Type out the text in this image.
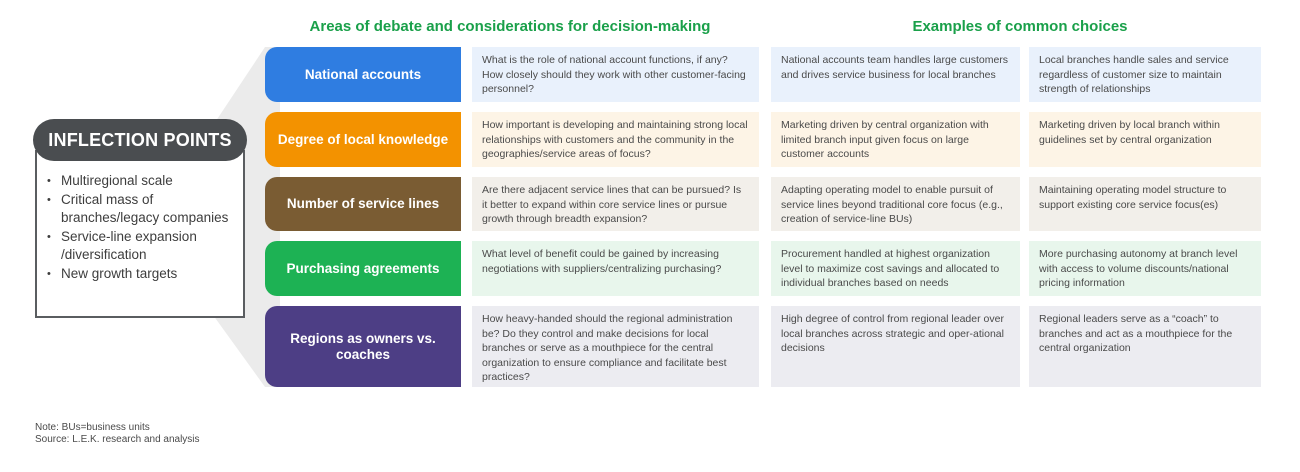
Areas of debate and considerations for decision-making	Examples of common choices
INFLECTION POINTS
• Multiregional scale
• Critical mass of branches/legacy companies
• Service-line expansion /diversification
• New growth targets
National accounts
What is the role of national account functions, if any? How closely should they work with other customer-facing personnel?
National accounts team handles large customers and drives service business for local branches
Local branches handle sales and service regardless of customer size to maintain strength of relationships
Degree of local knowledge
How important is developing and maintaining strong local relationships with customers and the community in the geographies/service areas of focus?
Marketing driven by central organization with limited branch input given focus on large customer accounts
Marketing driven by local branch within guidelines set by central organization
Number of service lines
Are there adjacent service lines that can be pursued? Is it better to expand within core service lines or pursue growth through breadth expansion?
Adapting operating model to enable pursuit of service lines beyond traditional core focus (e.g., creation of service-line BUs)
Maintaining operating model structure to support existing core service focus(es)
Purchasing agreements
What level of benefit could be gained by increasing negotiations with suppliers/centralizing purchasing?
Procurement handled at highest organization level to maximize cost savings and allocated to individual branches based on needs
More purchasing autonomy at branch level with access to volume discounts/national pricing information
Regions as owners vs. coaches
How heavy-handed should the regional administration be? Do they control and make decisions for local branches or serve as a mouthpiece for the central organization to ensure compliance and facilitate best practices?
High degree of control from regional leader over local branches across strategic and oper-ational decisions
Regional leaders serve as a “coach” to branches and act as a mouthpiece for the central organization
Note: BUs=business units
Source: L.E.K. research and analysis
